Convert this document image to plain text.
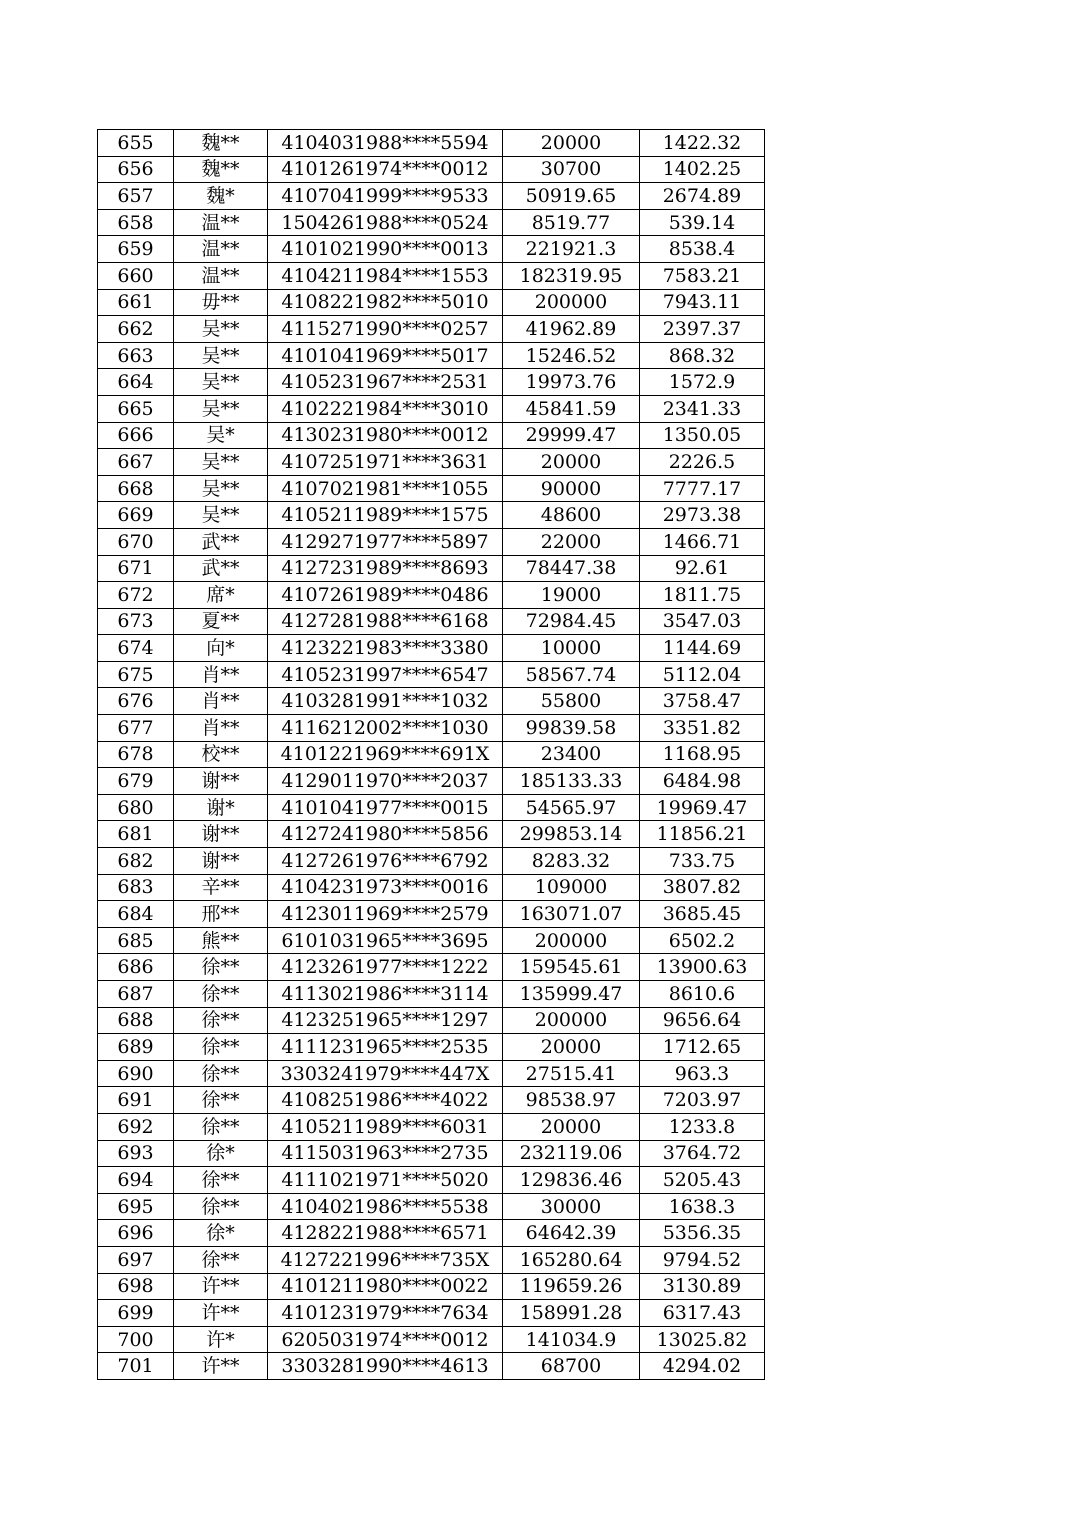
655	魏**	4104031988****5594	20000	1422.32
656	魏**	4101261974****0012	30700	1402.25
657	魏*	4107041999****9533	50919.65	2674.89
658	温**	1504261988****0524	8519.77	539.14
659	温**	4101021990****0013	221921.3	8538.4
660	温**	4104211984****1553	182319.95	7583.21
661	毋**	4108221982****5010	200000	7943.11
662	吴**	4115271990****0257	41962.89	2397.37
663	吴**	4101041969****5017	15246.52	868.32
664	吴**	4105231967****2531	19973.76	1572.9
665	吴**	4102221984****3010	45841.59	2341.33
666	吴*	4130231980****0012	29999.47	1350.05
667	吴**	4107251971****3631	20000	2226.5
668	吴**	4107021981****1055	90000	7777.17
669	吴**	4105211989****1575	48600	2973.38
670	武**	4129271977****5897	22000	1466.71
671	武**	4127231989****8693	78447.38	92.61
672	席*	4107261989****0486	19000	1811.75
673	夏**	4127281988****6168	72984.45	3547.03
674	向*	4123221983****3380	10000	1144.69
675	肖**	4105231997****6547	58567.74	5112.04
676	肖**	4103281991****1032	55800	3758.47
677	肖**	4116212002****1030	99839.58	3351.82
678	校**	4101221969****691X	23400	1168.95
679	谢**	4129011970****2037	185133.33	6484.98
680	谢*	4101041977****0015	54565.97	19969.47
681	谢**	4127241980****5856	299853.14	11856.21
682	谢**	4127261976****6792	8283.32	733.75
683	辛**	4104231973****0016	109000	3807.82
684	邢**	4123011969****2579	163071.07	3685.45
685	熊**	6101031965****3695	200000	6502.2
686	徐**	4123261977****1222	159545.61	13900.63
687	徐**	4113021986****3114	135999.47	8610.6
688	徐**	4123251965****1297	200000	9656.64
689	徐**	4111231965****2535	20000	1712.65
690	徐**	3303241979****447X	27515.41	963.3
691	徐**	4108251986****4022	98538.97	7203.97
692	徐**	4105211989****6031	20000	1233.8
693	徐*	4115031963****2735	232119.06	3764.72
694	徐**	4111021971****5020	129836.46	5205.43
695	徐**	4104021986****5538	30000	1638.3
696	徐*	4128221988****6571	64642.39	5356.35
697	徐**	4127221996****735X	165280.64	9794.52
698	许**	4101211980****0022	119659.26	3130.89
699	许**	4101231979****7634	158991.28	6317.43
700	许*	6205031974****0012	141034.9	13025.82
701	许**	3303281990****4613	68700	4294.02
